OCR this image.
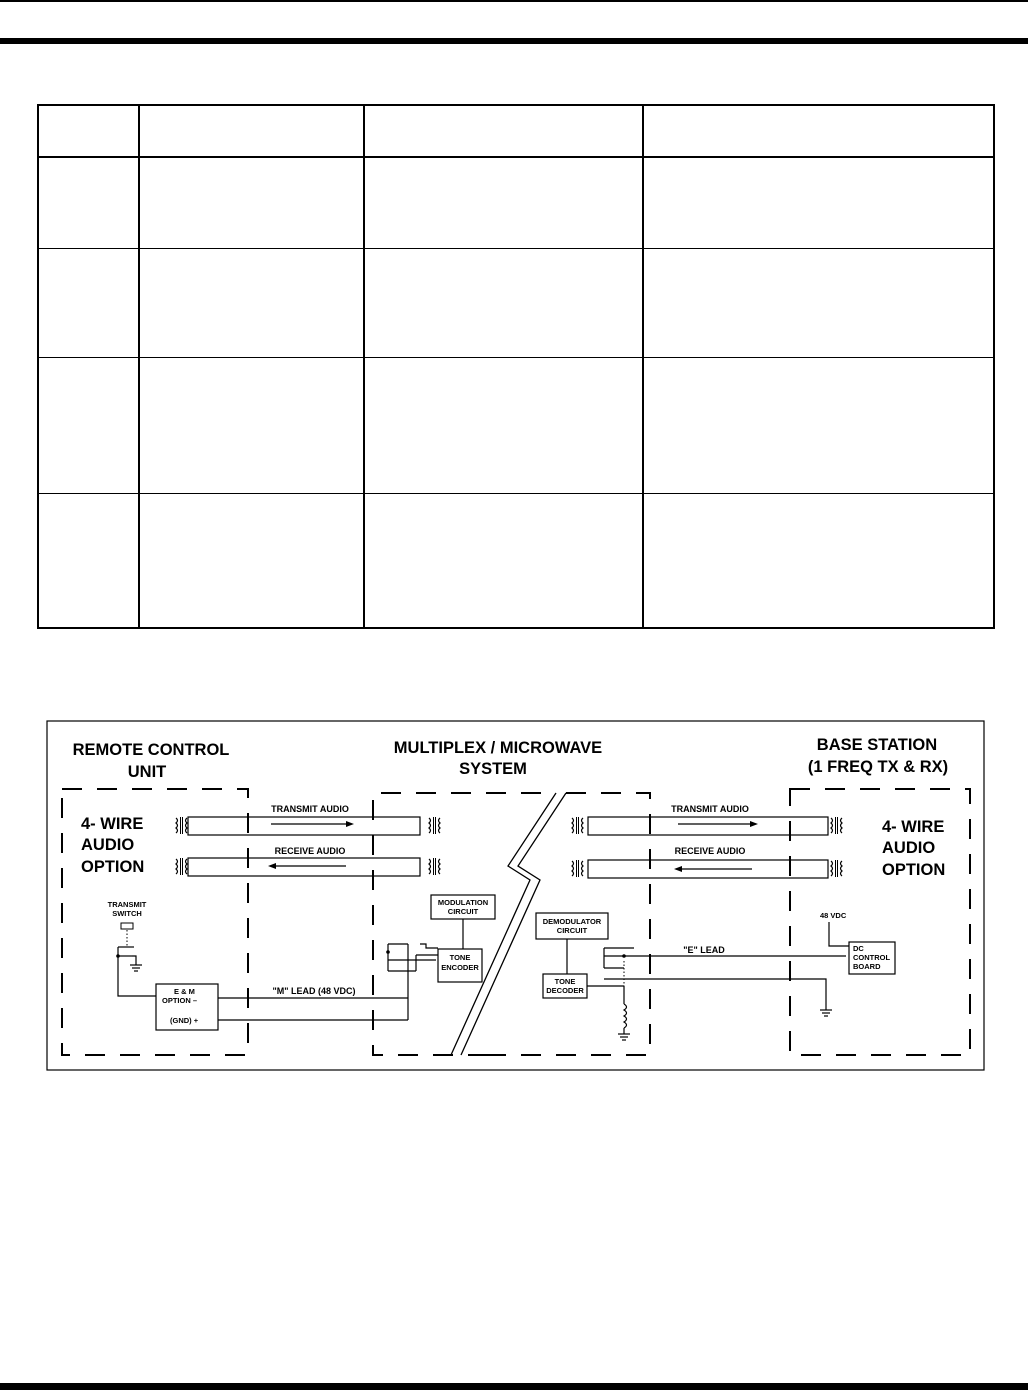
REMOTE CONTROL
UNIT
MULTIPLEX / MICROWAVE
SYSTEM
BASE STATION
(1 FREQ TX & RX)
4- WIRE
AUDIO
OPTION
4- WIRE
AUDIO
OPTION
TRANSMIT AUDIO
RECEIVE AUDIO
TRANSMIT AUDIO
RECEIVE AUDIO
TRANSMIT
SWITCH
E & M
OPTION –
(GND) +
"M" LEAD (48 VDC)
MODULATION
CIRCUIT
TONE
ENCODER
DEMODULATOR
CIRCUIT
TONE
DECODER
"E" LEAD
48 VDC
DC
CONTROL
BOARD
